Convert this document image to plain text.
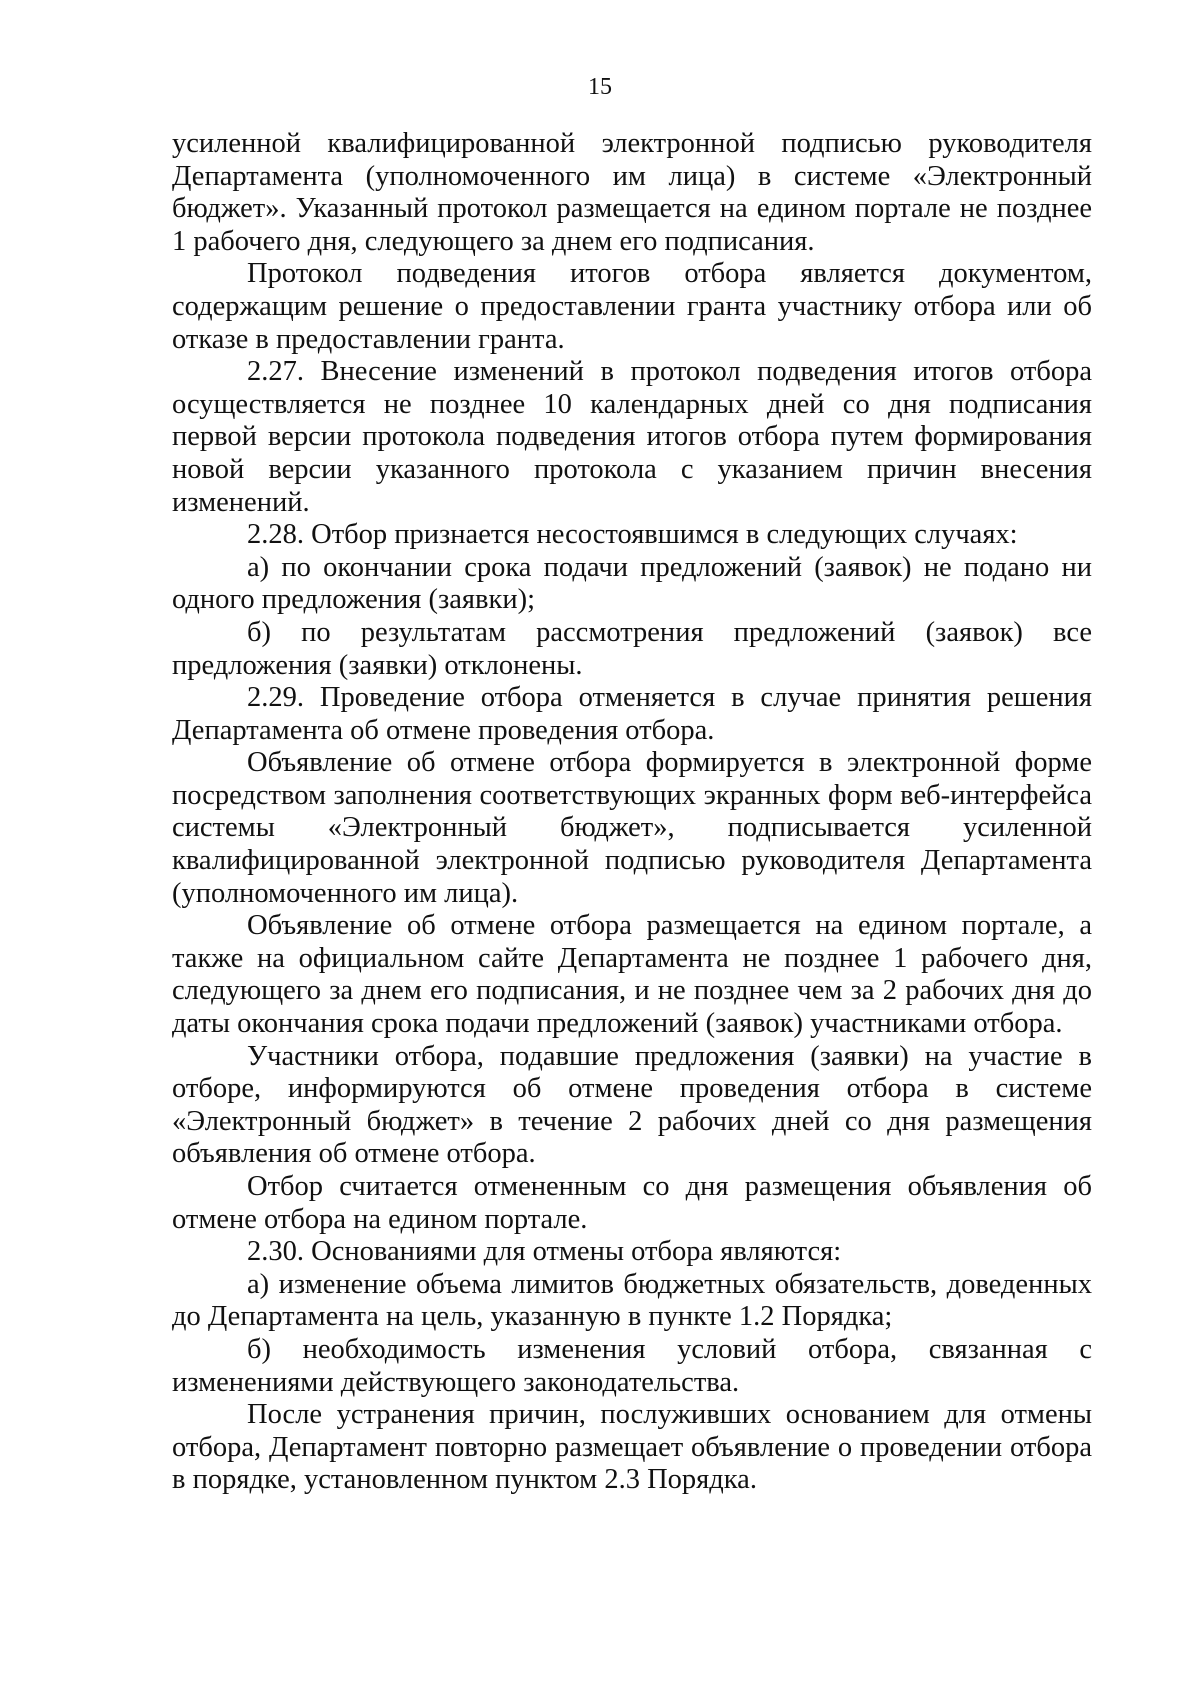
15

усиленной квалифицированной электронной подписью руководителя Департамента (уполномоченного им лица) в системе «Электронный бюджет». Указанный протокол размещается на едином портале не позднее 1 рабочего дня, следующего за днем его подписания.

Протокол подведения итогов отбора является документом, содержащим решение о предоставлении гранта участнику отбора или об отказе в предоставлении гранта.

2.27. Внесение изменений в протокол подведения итогов отбора осуществляется не позднее 10 календарных дней со дня подписания первой версии протокола подведения итогов отбора путем формирования новой версии указанного протокола с указанием причин внесения изменений.

2.28. Отбор признается несостоявшимся в следующих случаях:

а) по окончании срока подачи предложений (заявок) не подано ни одного предложения (заявки);

б) по результатам рассмотрения предложений (заявок) все предложения (заявки) отклонены.

2.29. Проведение отбора отменяется в случае принятия решения Департамента об отмене проведения отбора.

Объявление об отмене отбора формируется в электронной форме посредством заполнения соответствующих экранных форм веб-интерфейса системы «Электронный бюджет», подписывается усиленной квалифицированной электронной подписью руководителя Департамента (уполномоченного им лица).

Объявление об отмене отбора размещается на едином портале, а также на официальном сайте Департамента не позднее 1 рабочего дня, следующего за днем его подписания, и не позднее чем за 2 рабочих дня до даты окончания срока подачи предложений (заявок) участниками отбора.

Участники отбора, подавшие предложения (заявки) на участие в отборе, информируются об отмене проведения отбора в системе «Электронный бюджет» в течение 2 рабочих дней со дня размещения объявления об отмене отбора.

Отбор считается отмененным со дня размещения объявления об отмене отбора на едином портале.

2.30. Основаниями для отмены отбора являются:

а) изменение объема лимитов бюджетных обязательств, доведенных до Департамента на цель, указанную в пункте 1.2 Порядка;

б) необходимость изменения условий отбора, связанная с изменениями действующего законодательства.

После устранения причин, послуживших основанием для отмены отбора, Департамент повторно размещает объявление о проведении отбора в порядке, установленном пунктом 2.3 Порядка.
